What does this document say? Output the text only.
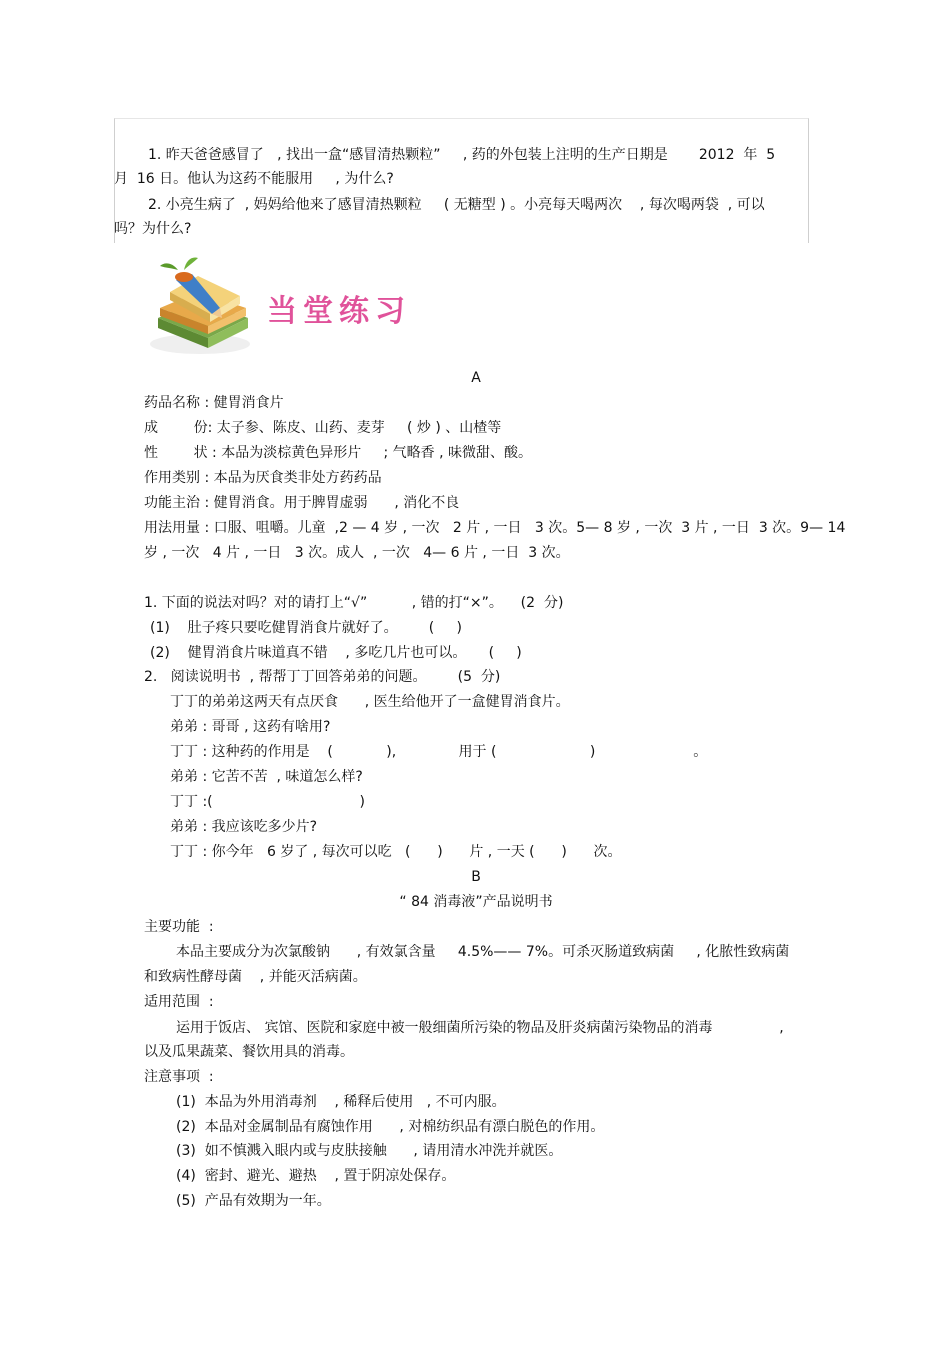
1. 昨天爸爸感冒了   , 找出一盒“感冒清热颗粒”     , 药的外包装上注明的生产日期是       2012  年  5
月  16 日。他认为这药不能服用     , 为什么?
2. 小亮生病了  , 妈妈给他来了感冒清热颗粒     ( 无糖型 ) 。小亮每天喝两次    , 每次喝两袋  , 可以
吗？为什么?
当堂练习
A
药品名称 : 健胃消食片
成        份: 太子参、陈皮、山药、麦芽     ( 炒 ) 、山楂等
性        状 : 本品为淡棕黄色异形片     ; 气略香 , 味微甜、酸。
作用类别 : 本品为厌食类非处方药药品
功能主治 : 健胃消食。用于脾胃虚弱      , 消化不良
用法用量 : 口服、咀嚼。儿童  ,2 — 4 岁 , 一次   2 片 , 一日   3 次。5— 8 岁 , 一次  3 片 , 一日  3 次。9— 14
岁 , 一次   4 片 , 一日   3 次。成人  , 一次   4— 6 片 , 一日  3 次。
1. 下面的说法对吗？对的请打上“√”          , 错的打“×”。    (2  分)
(1)    肚子疼只要吃健胃消食片就好了。       (     )
(2)    健胃消食片味道真不错    , 多吃几片也可以。     (     )
2.   阅读说明书  , 帮帮丁丁回答弟弟的问题。       (5  分)
丁丁的弟弟这两天有点厌食      , 医生给他开了一盒健胃消食片。
弟弟 : 哥哥 , 这药有啥用?
丁丁 : 这种药的作用是    (            ),              用于 (                     )                      。
弟弟 : 它苦不苦  , 味道怎么样?
丁丁 :(                                 )
弟弟 : 我应该吃多少片?
丁丁 : 你今年   6 岁了 , 每次可以吃   (      )      片 , 一天 (      )      次。
B
“ 84 消毒液”产品说明书
主要功能  :
本品主要成分为次氯酸钠      , 有效氯含量     4.5%—— 7%。可杀灭肠道致病菌     , 化脓性致病菌
和致病性酵母菌    , 并能灭活病菌。
适用范围  :
运用于饭店、 宾馆、医院和家庭中被一般细菌所污染的物品及肝炎病菌污染物品的消毒               ,
以及瓜果蔬菜、餐饮用具的消毒。
注意事项  :
(1)  本品为外用消毒剂    , 稀释后使用   , 不可内服。
(2)  本品对金属制品有腐蚀作用      , 对棉纺织品有漂白脱色的作用。
(3)  如不慎溅入眼内或与皮肤接触      , 请用清水冲洗并就医。
(4)  密封、避光、避热    , 置于阴凉处保存。
(5)  产品有效期为一年。
